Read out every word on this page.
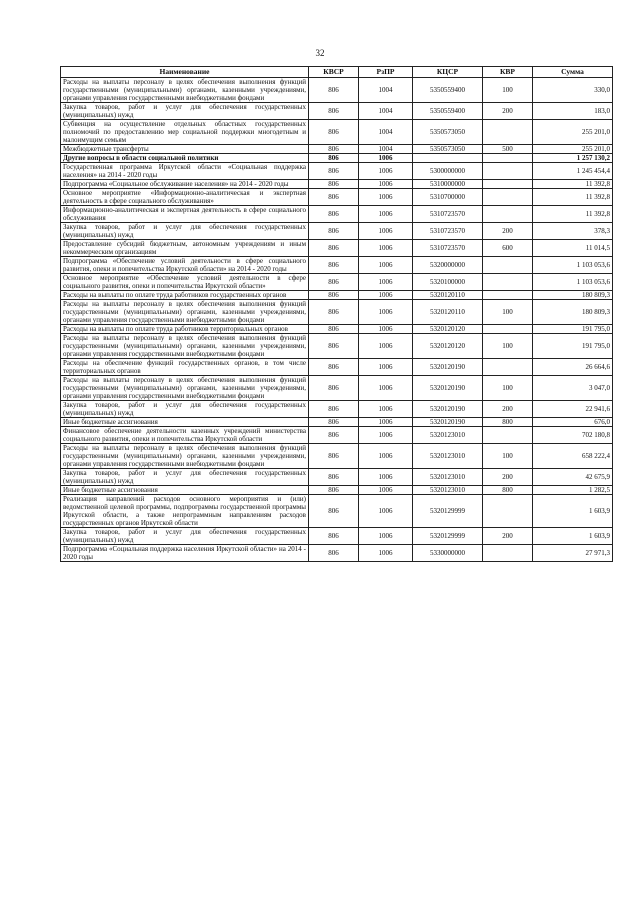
32
Наименование	КВСР	РзПР	КЦСР	КВР	Сумма
Расходы на выплаты персоналу в целях обеспечения выполнения функций государственными (муниципальными) органами, казенными учреждениями, органами управления государственными внебюджетными фондами	806	1004	5350559400	100	330,0
Закупка товаров, работ и услуг для обеспечения государственных (муниципальных) нужд	806	1004	5350559400	200	183,0
Субвенция на осуществление отдельных областных государственных полномочий по предоставлению мер социальной поддержки многодетным и малоимущим семьям	806	1004	5350573050		255 201,0
Межбюджетные трансферты	806	1004	5350573050	500	255 201,0
Другие вопросы в области социальной политики	806	1006			1 257 130,2
Государственная программа Иркутской области «Социальная поддержка населения» на 2014 - 2020 годы	806	1006	5300000000		1 245 454,4
Подпрограмма «Социальное обслуживание населения» на 2014 - 2020 годы	806	1006	5310000000		11 392,8
Основное мероприятие «Информационно-аналитическая и экспертная деятельность в сфере социального обслуживания»	806	1006	5310700000		11 392,8
Информационно-аналитическая и экспертная деятельность в сфере социального обслуживания	806	1006	5310723570		11 392,8
Закупка товаров, работ и услуг для обеспечения государственных (муниципальных) нужд	806	1006	5310723570	200	378,3
Предоставление субсидий бюджетным, автономным учреждениям и иным некоммерческим организациям	806	1006	5310723570	600	11 014,5
Подпрограмма «Обеспечение условий деятельности в сфере социального развития, опеки и попечительства Иркутской области» на 2014 - 2020 годы	806	1006	5320000000		1 103 053,6
Основное мероприятие «Обеспечение условий деятельности в сфере социального развития, опеки и попечительства Иркутской области»	806	1006	5320100000		1 103 053,6
Расходы на выплаты по оплате труда работников государственных органов	806	1006	5320120110		180 809,3
Расходы на выплаты персоналу в целях обеспечения выполнения функций государственными (муниципальными) органами, казенными учреждениями, органами управления государственными внебюджетными фондами	806	1006	5320120110	100	180 809,3
Расходы на выплаты по оплате труда работников территориальных органов	806	1006	5320120120		191 795,0
Расходы на выплаты персоналу в целях обеспечения выполнения функций государственными (муниципальными) органами, казенными учреждениями, органами управления государственными внебюджетными фондами	806	1006	5320120120	100	191 795,0
Расходы на обеспечение функций государственных органов, в том числе территориальных органов	806	1006	5320120190		26 664,6
Расходы на выплаты персоналу в целях обеспечения выполнения функций государственными (муниципальными) органами, казенными учреждениями, органами управления государственными внебюджетными фондами	806	1006	5320120190	100	3 047,0
Закупка товаров, работ и услуг для обеспечения государственных (муниципальных) нужд	806	1006	5320120190	200	22 941,6
Иные бюджетные ассигнования	806	1006	5320120190	800	676,0
Финансовое обеспечение деятельности казенных учреждений министерства социального развития, опеки и попечительства Иркутской области	806	1006	5320123010		702 180,8
Расходы на выплаты персоналу в целях обеспечения выполнения функций государственными (муниципальными) органами, казенными учреждениями, органами управления государственными внебюджетными фондами	806	1006	5320123010	100	658 222,4
Закупка товаров, работ и услуг для обеспечения государственных (муниципальных) нужд	806	1006	5320123010	200	42 675,9
Иные бюджетные ассигнования	806	1006	5320123010	800	1 282,5
Реализация направлений расходов основного мероприятия и (или) ведомственной целевой программы, подпрограммы государственной программы Иркутской области, а также непрограммным направлениям расходов государственных органов Иркутской области	806	1006	5320129999		1 603,9
Закупка товаров, работ и услуг для обеспечения государственных (муниципальных) нужд	806	1006	5320129999	200	1 603,9
Подпрограмма «Социальная поддержка населения Иркутской области» на 2014 - 2020 годы	806	1006	5330000000		27 971,3
